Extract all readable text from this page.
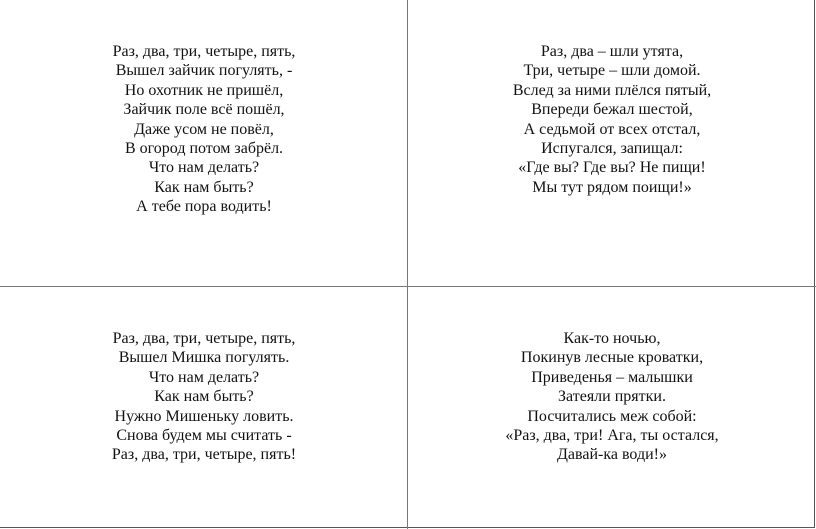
Раз, два, три, четыре, пять,
Вышел зайчик погулять, -
Но охотник не пришёл,
Зайчик поле всё пошёл,
Даже усом не повёл,
В огород потом забрёл.
Что нам делать?
Как нам быть?
А тебе пора водить!
Раз, два – шли утята,
Три, четыре – шли домой.
Вслед за ними плёлся пятый,
Впереди бежал шестой,
А седьмой от всех отстал,
Испугался, запищал:
«Где вы? Где вы? Не пищи!
Мы тут рядом поищи!»
Раз, два, три, четыре, пять,
Вышел Мишка погулять.
Что нам делать?
Как нам быть?
Нужно Мишеньку ловить.
Снова будем мы считать -
Раз, два, три, четыре, пять!
Как-то ночью,
Покинув лесные кроватки,
Приведенья – малышки
Затеяли прятки.
Посчитались меж собой:
«Раз, два, три! Ага, ты остался,
Давай-ка води!»
